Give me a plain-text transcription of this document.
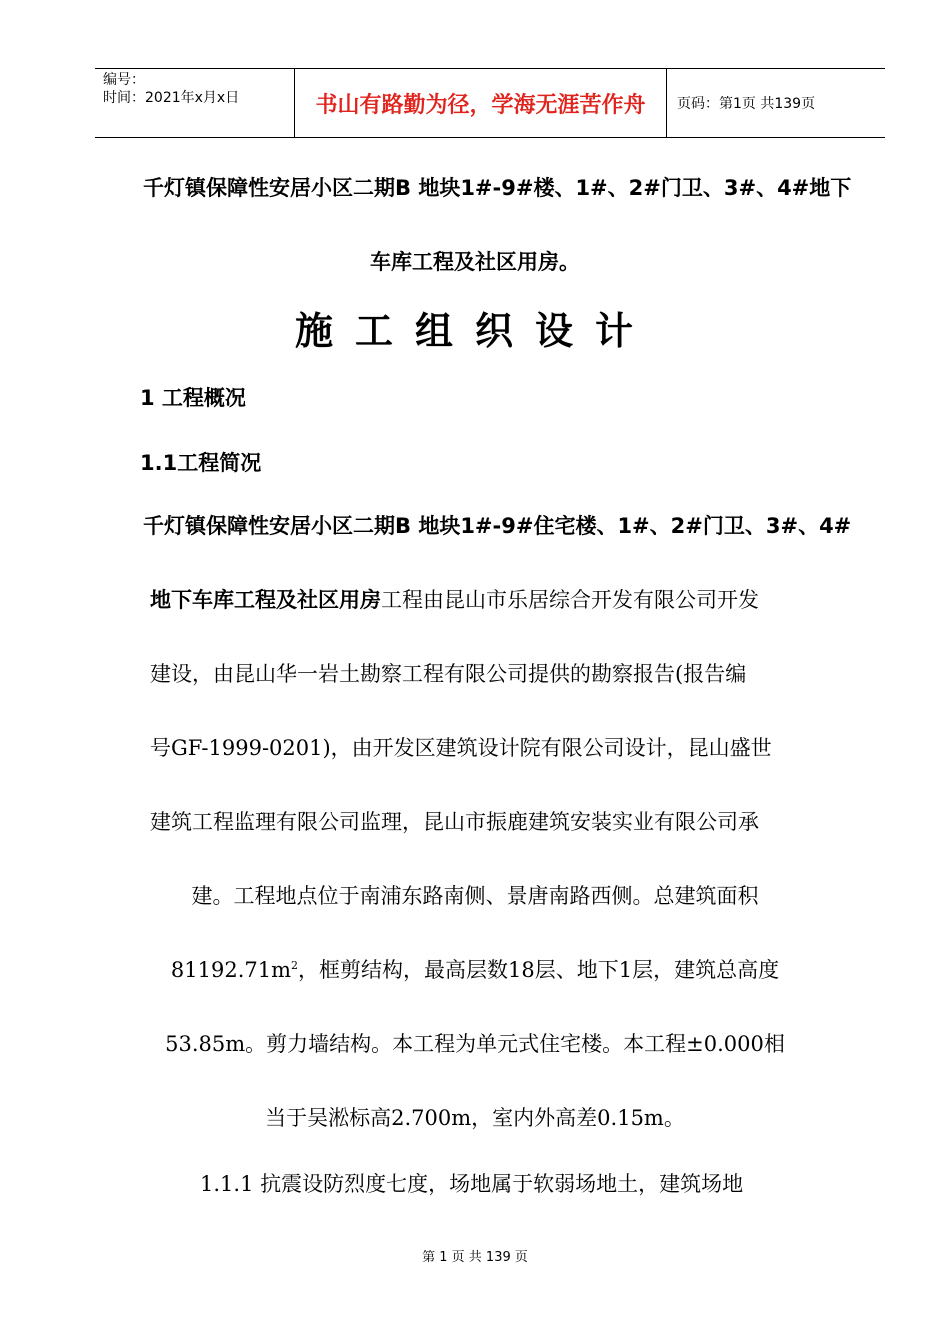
编号：
时间：2021年x月x日	书山有路勤为径，学海无涯苦作舟	页码：第1页 共139页
千灯镇保障性安居小区二期B 地块1#-9#楼、1#、2#门卫、3#、4#地下
车库工程及社区用房。
施工组织设计
1 工程概况
1.1工程简况
千灯镇保障性安居小区二期B 地块1#-9#住宅楼、1#、2#门卫、3#、4#
地下车库工程及社区用房工程由昆山市乐居综合开发有限公司开发
建设，由昆山华一岩土勘察工程有限公司提供的勘察报告(报告编
号GF-1999-0201)，由开发区建筑设计院有限公司设计，昆山盛世
建筑工程监理有限公司监理，昆山市振鹿建筑安装实业有限公司承
建。工程地点位于南浦东路南侧、景唐南路西侧。总建筑面积
$81192.71m^2$，框剪结构，最高层数18层、地下1层，建筑总高度
53.85m。剪力墙结构。本工程为单元式住宅楼。本工程±0.000相
当于吴淞标高2.700m，室内外高差0.15m。
1.1.1 抗震设防烈度七度，场地属于软弱场地土，建筑场地
第 1 页 共 139 页
